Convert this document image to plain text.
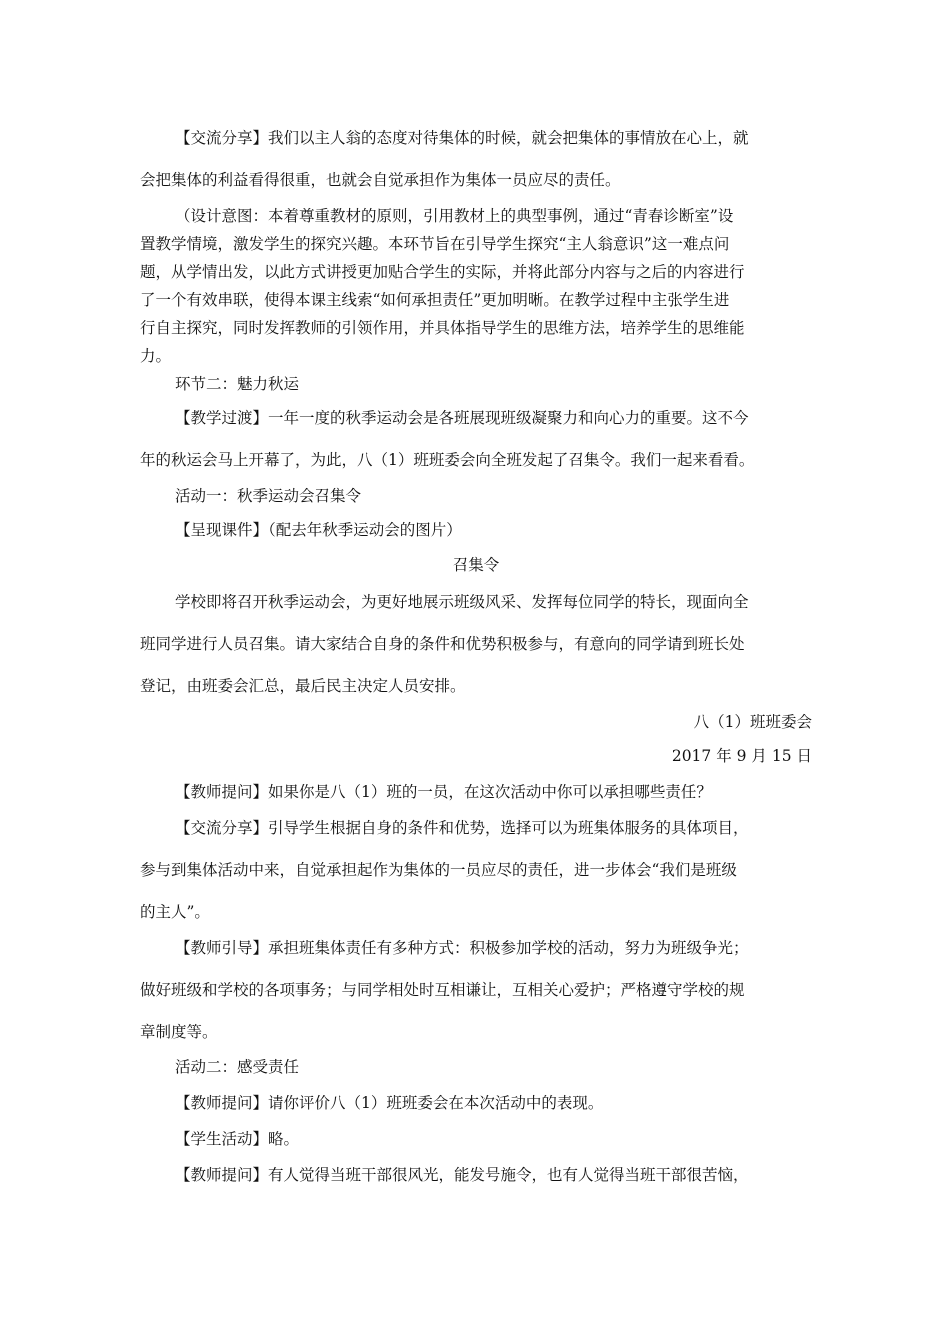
【交流分享】我们以主人翁的态度对待集体的时候，就会把集体的事情放在心上，就

会把集体的利益看得很重，也就会自觉承担作为集体一员应尽的责任。

（设计意图：本着尊重教材的原则，引用教材上的典型事例，通过“青春诊断室”设

置教学情境，激发学生的探究兴趣。本环节旨在引导学生探究“主人翁意识”这一难点问

题，从学情出发，以此方式讲授更加贴合学生的实际，并将此部分内容与之后的内容进行

了一个有效串联，使得本课主线索“如何承担责任”更加明晰。在教学过程中主张学生进

行自主探究，同时发挥教师的引领作用，并具体指导学生的思维方法，培养学生的思维能

力。

环节二：魅力秋运

【教学过渡】一年一度的秋季运动会是各班展现班级凝聚力和向心力的重要。这不今

年的秋运会马上开幕了，为此，八（1）班班委会向全班发起了召集令。我们一起来看看。

活动一：秋季运动会召集令

【呈现课件】（配去年秋季运动会的图片）

召集令

学校即将召开秋季运动会，为更好地展示班级风采、发挥每位同学的特长，现面向全

班同学进行人员召集。请大家结合自身的条件和优势积极参与，有意向的同学请到班长处

登记，由班委会汇总，最后民主决定人员安排。

八（1）班班委会

2017 年 9 月 15 日

【教师提问】如果你是八（1）班的一员，在这次活动中你可以承担哪些责任？

【交流分享】引导学生根据自身的条件和优势，选择可以为班集体服务的具体项目，

参与到集体活动中来，自觉承担起作为集体的一员应尽的责任，进一步体会“我们是班级

的主人”。

【教师引导】承担班集体责任有多种方式：积极参加学校的活动，努力为班级争光；

做好班级和学校的各项事务；与同学相处时互相谦让，互相关心爱护；严格遵守学校的规

章制度等。

活动二：感受责任

【教师提问】请你评价八（1）班班委会在本次活动中的表现。

【学生活动】略。

【教师提问】有人觉得当班干部很风光，能发号施令，也有人觉得当班干部很苦恼，
